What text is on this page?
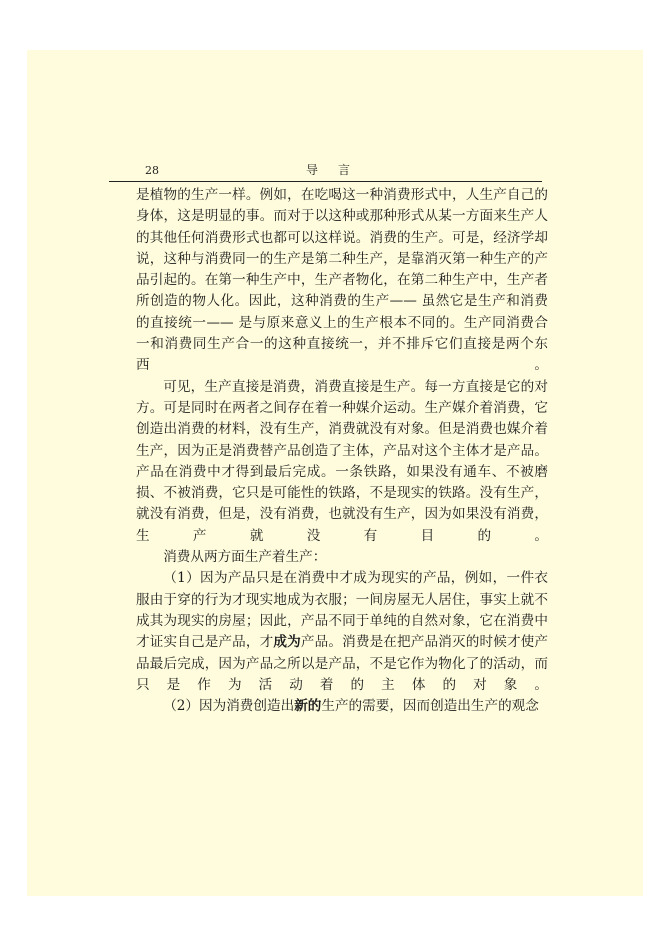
28	导言

是植物的生产一样。例如，在吃喝这一种消费形式中，人生产自己的身体，这是明显的事。而对于以这种或那种形式从某一方面来生产人的其他任何消费形式也都可以这样说。消费的生产。可是，经济学却说，这种与消费同一的生产是第二种生产，是靠消灭第一种生产的产品引起的。在第一种生产中，生产者物化，在第二种生产中，生产者所创造的物人化。因此，这种消费的生产—— 虽然它是生产和消费的直接统一—— 是与原来意义上的生产根本不同的。生产同消费合一和消费同生产合一的这种直接统一，并不排斥它们直接是两个东西。

可见，生产直接是消费，消费直接是生产。每一方直接是它的对方。可是同时在两者之间存在着一种媒介运动。生产媒介着消费，它创造出消费的材料，没有生产，消费就没有对象。但是消费也媒介着生产，因为正是消费替产品创造了主体，产品对这个主体才是产品。产品在消费中才得到最后完成。一条铁路，如果没有通车、不被磨损、不被消费，它只是可能性的铁路，不是现实的铁路。没有生产，就没有消费，但是，没有消费，也就没有生产，因为如果没有消费，生产就没有目的。

消费从两方面生产着生产：

（1）因为产品只是在消费中才成为现实的产品，例如，一件衣服由于穿的行为才现实地成为衣服；一间房屋无人居住，事实上就不成其为现实的房屋；因此，产品不同于单纯的自然对象，它在消费中才证实自己是产品，才成为产品。消费是在把产品消灭的时候才使产品最后完成，因为产品之所以是产品，不是它作为物化了的活动，而只是作为活动着的主体的对象。

（2）因为消费创造出新的生产的需要，因而创造出生产的观念
